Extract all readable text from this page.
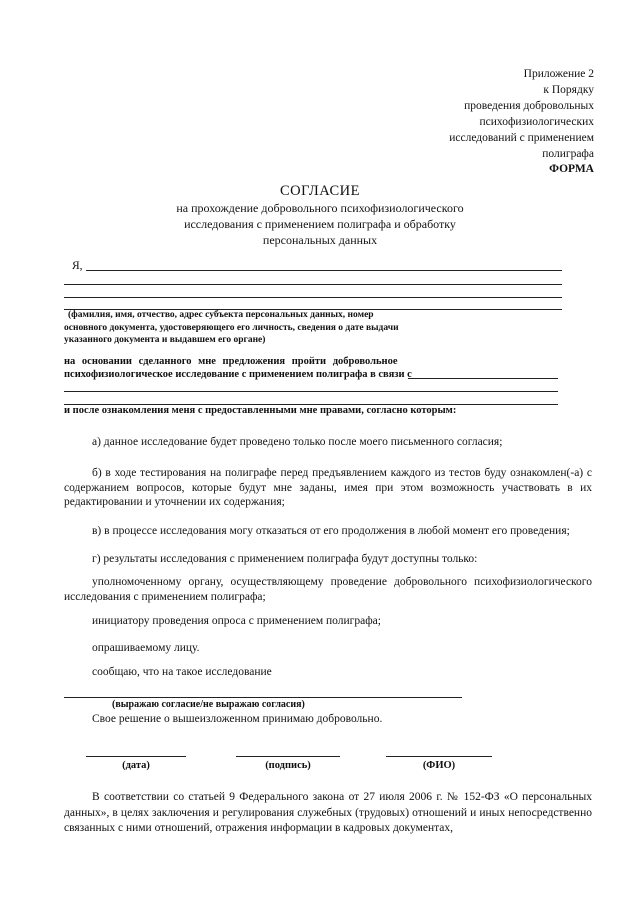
Приложение 2
к Порядку
проведения добровольных
психофизиологических
исследований с применением
полиграфа
ФОРМА
СОГЛАСИЕ
на прохождение добровольного психофизиологического
исследования с применением полиграфа и обработку
персональных данных
Я,
(фамилия, имя, отчество, адрес субъекта персональных данных, номер
основного документа, удостоверяющего его личность, сведения о дате выдачи
указанного документа и выдавшем его органе)
на основании сделанного мне предложения пройти добровольное
психофизиологическое исследование с применением полиграфа в связи с
и после ознакомления меня с предоставленными мне правами, согласно которым:
а) данное исследование будет проведено только после моего письменного согласия;
б) в ходе тестирования на полиграфе перед предъявлением каждого из тестов буду ознакомлен(-а) с содержанием вопросов, которые будут мне заданы, имея при этом возможность участвовать в их редактировании и уточнении их содержания;
в) в процессе исследования могу отказаться от его продолжения в любой момент его проведения;
г) результаты исследования с применением полиграфа будут доступны только:
уполномоченному органу, осуществляющему проведение добровольного психофизиологического исследования с применением полиграфа;
инициатору проведения опроса с применением полиграфа;
опрашиваемому лицу.
сообщаю, что на такое исследование
(выражаю согласие/не выражаю согласия)
Свое решение о вышеизложенном принимаю добровольно.
(дата)	(подпись)	(ФИО)
В соответствии со статьей 9 Федерального закона от 27 июля 2006 г. № 152-ФЗ «О персональных данных», в целях заключения и регулирования служебных (трудовых) отношений и иных непосредственно связанных с ними отношений, отражения информации в кадровых документах,
